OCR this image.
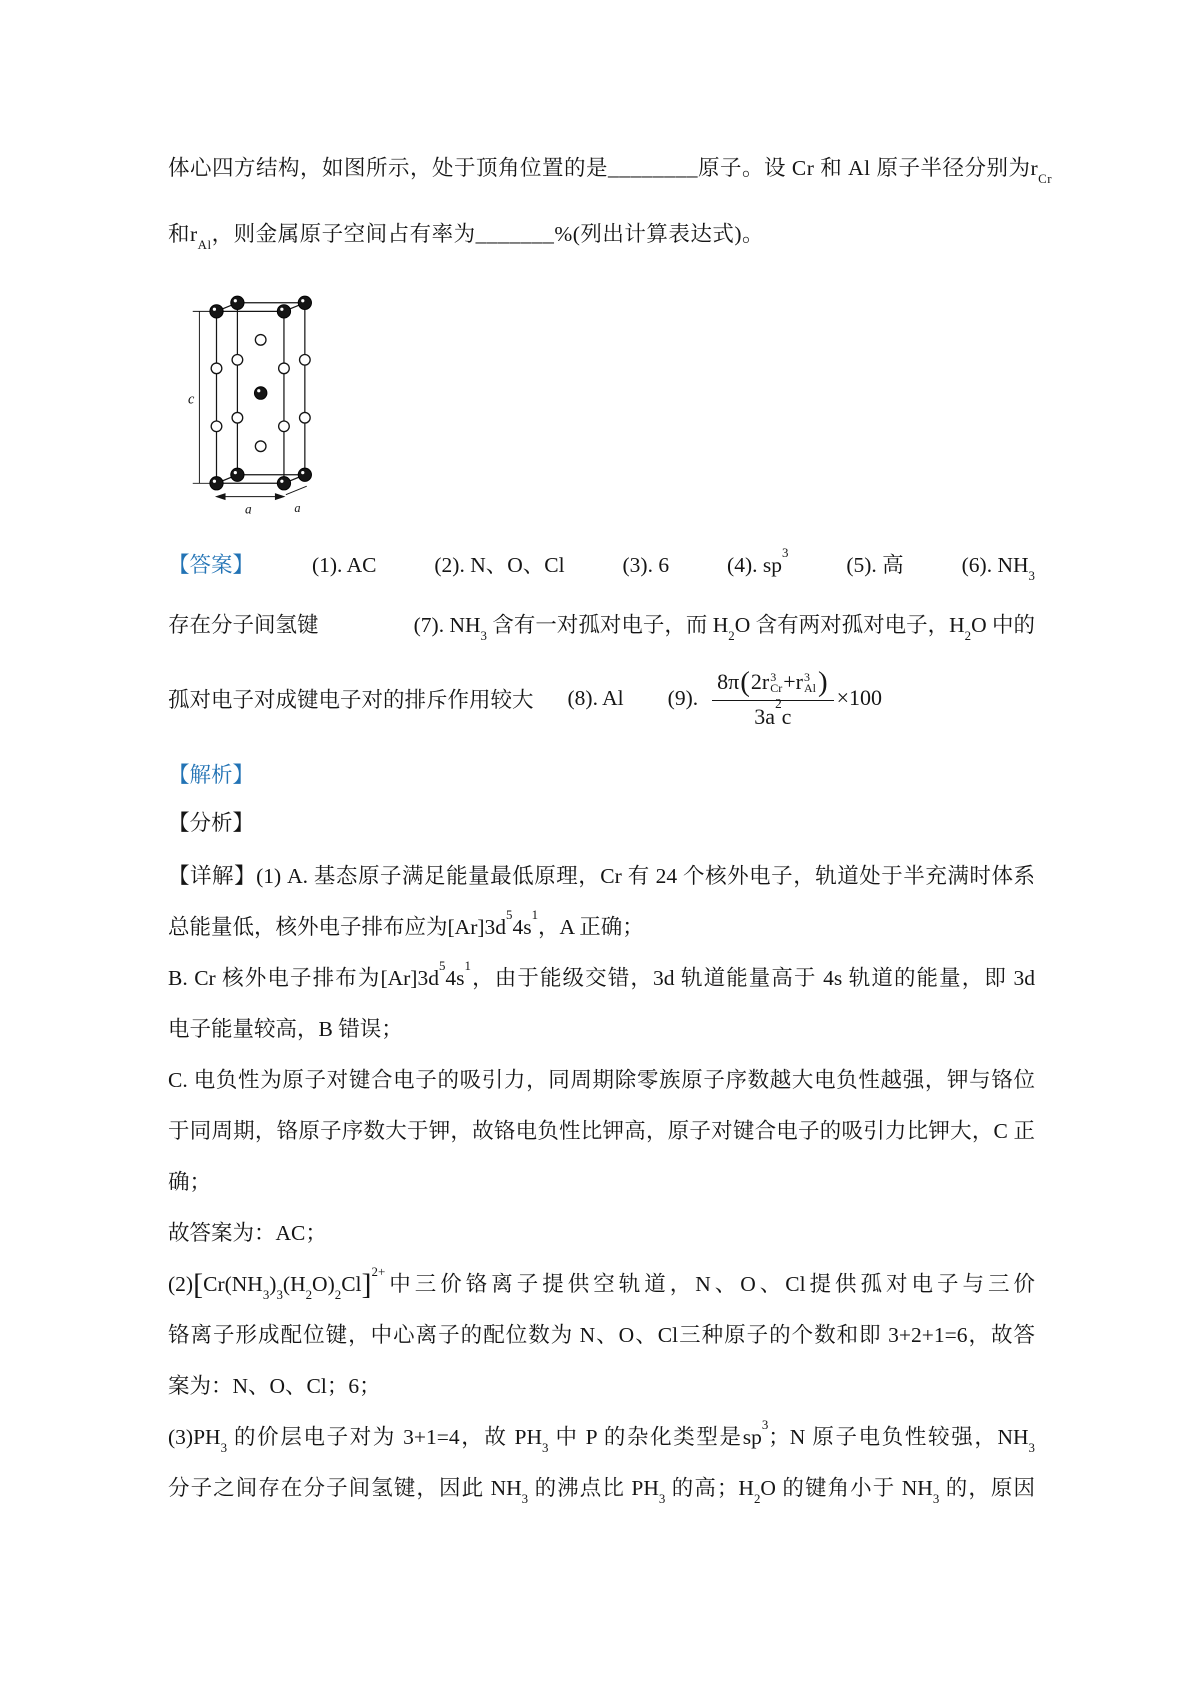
体心四方结构，如图所示，处于顶角位置的是________原子。设 Cr 和 Al 原子半径分别为$r_{Cr}$
和$r_{Al}$，则金属原子空间占有率为_______%(列出计算表达式)。
c
a	a
【答案】	(1). AC	(2). N、O、Cl	(3). 6	(4). $sp^3$
(5). 高	(6). $NH_3$
存在分子间氢键	(7). $NH_3$ 含有一对孤对电子，而 $H_2O$ 含有两对孤对电子，$H_2O$ 中的
孤对电子对成键电子对的排斥作用较大 (8). Al (9). 8π ( 2r 3
Cr +r 3
Al )
$3a^2c \times 100$
【解析】
【分析】
【详解】(1) A. 基态原子满足能量最低原理，Cr 有 24 个核外电子，轨道处于半充满时体系
总能量低，核外电子排布应为$[Ar]3d^54s^1$，A 正确；
B. Cr 核外电子排布为$[Ar]3d^54s^1$，由于能级交错，3d 轨道能量高于 4s 轨道的能量，即 3d
电子能量较高，B 错误；
C. 电负性为原子对键合电子的吸引力，同周期除零族原子序数越大电负性越强，钾与铬位
于同周期，铬原子序数大于钾，故铬电负性比钾高，原子对键合电子的吸引力比钾大，C 正
确；
故答案为：AC；
$(2)[Cr(NH_3)_3(H_2O)_2Cl]^{2+}$中三价铬离子提供空轨道，N、O、Cl提供孤对电子与三价
铬离子形成配位键，中心离子的配位数为 N、O、Cl三种原子的个数和即 3+2+1=6，故答
案为：N、O、Cl；6；
$(3)PH_3$ 的价层电子对为 3+1=4，故 $PH_3$ 中 P 的杂化类型是$sp^3$；N 原子电负性较强，$NH_3$
分子之间存在分子间氢键，因此 $NH_3$ 的沸点比 $PH_3$ 的高；$H_2O$ 的键角小于 $NH_3$ 的，原因
